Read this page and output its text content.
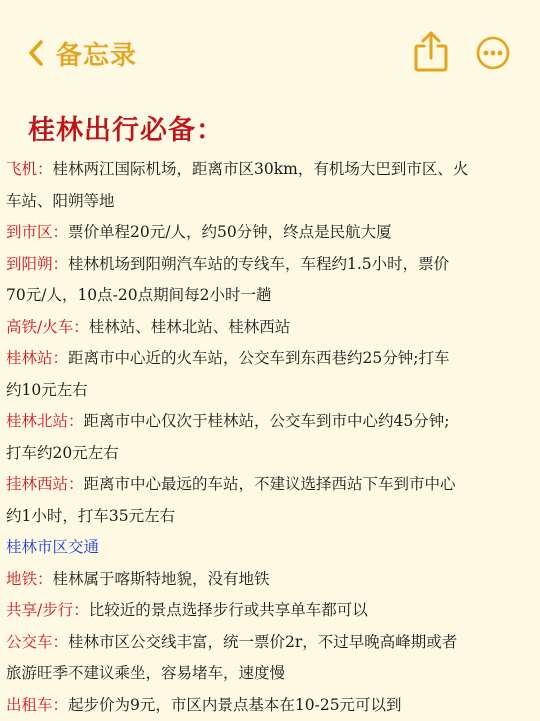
备忘录
桂林出行必备：
飞机：桂林两江国际机场，距离市区30km，有机场大巴到市区、火
车站、阳朔等地
到市区：票价单程20元/人，约50分钟，终点是民航大厦
到阳朔：桂林机场到阳朔汽车站的专线车，车程约1.5小时，票价
70元/人，10点-20点期间每2小时一趟
高铁/火车：桂林站、桂林北站、桂林西站
桂林站：距离市中心近的火车站，公交车到东西巷约25分钟;打车
约10元左右
桂林北站：距离市中心仅次于桂林站，公交车到市中心约45分钟;
打车约20元左右
挂林西站：距离市中心最远的车站，不建议选择西站下车到市中心
约1小时，打车35元左右
桂林市区交通
地铁：桂林属于喀斯特地貌，没有地铁
共享/步行：比较近的景点选择步行或共享单车都可以
公交车：桂林市区公交线丰富，统一票价2r，不过早晚高峰期或者
旅游旺季不建议乘坐，容易堵车，速度慢
出租车：起步价为9元，市区内景点基本在10-25元可以到
